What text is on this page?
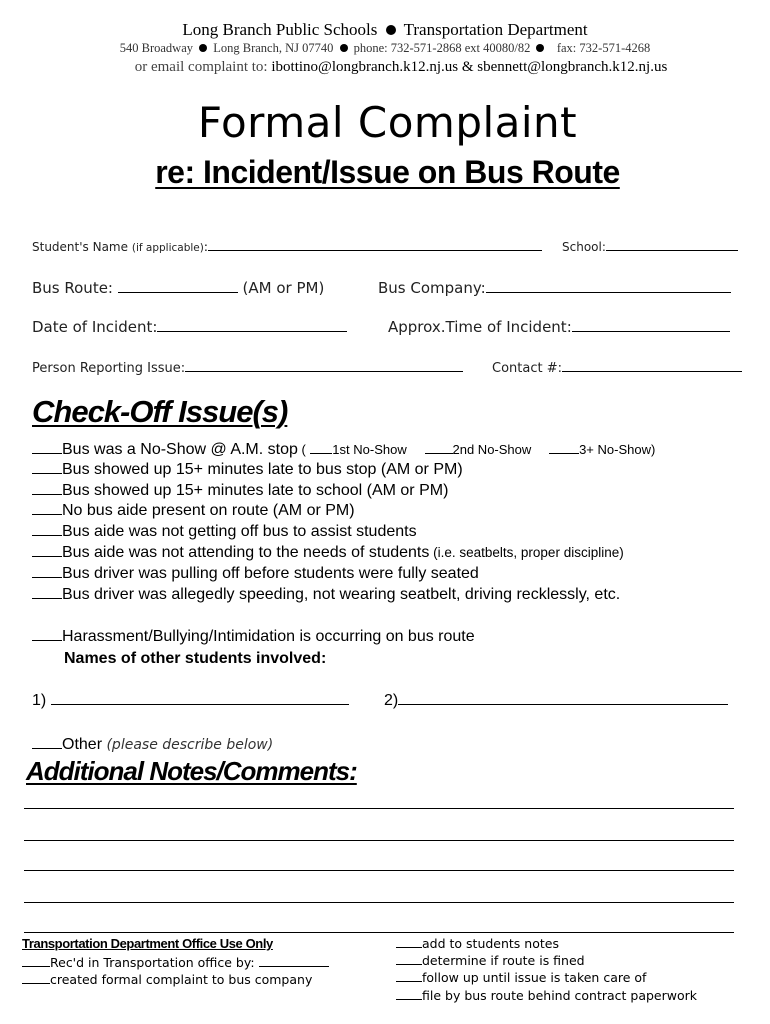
Long Branch Public Schools Transportation Department
540 Broadway Long Branch, NJ 07740 phone: 732-571-2868 ext 40080/82 fax: 732-571-4268
or email complaint to: ibottino@longbranch.k12.nj.us & sbennett@longbranch.k12.nj.us
Formal Complaint
re: Incident/Issue on Bus Route
Student's Name (if applicable):	School:
Bus Route:	(AM or PM)	Bus Company:
Date of Incident:	Approx.Time of Incident:
Person Reporting Issue:	Contact #:
Check-Off Issue(s)
Bus was a No-Show @ A.M. stop ( 1st No-Show	2nd No-Show	3+ No-Show)
Bus showed up 15+ minutes late to bus stop (AM or PM)
Bus showed up 15+ minutes late to school (AM or PM)
No bus aide present on route (AM or PM)
Bus aide was not getting off bus to assist students
Bus aide was not attending to the needs of students (i.e. seatbelts, proper discipline)
Bus driver was pulling off before students were fully seated
Bus driver was allegedly speeding, not wearing seatbelt, driving recklessly, etc.
Harassment/Bullying/Intimidation is occurring on bus route
Names of other students involved:
1)	2)
Other (please describe below)
Additional Notes/Comments:
Transportation Department Office Use Only
Rec'd in Transportation office by:
created formal complaint to bus company
add to students notes
determine if route is fined
follow up until issue is taken care of
file by bus route behind contract paperwork
